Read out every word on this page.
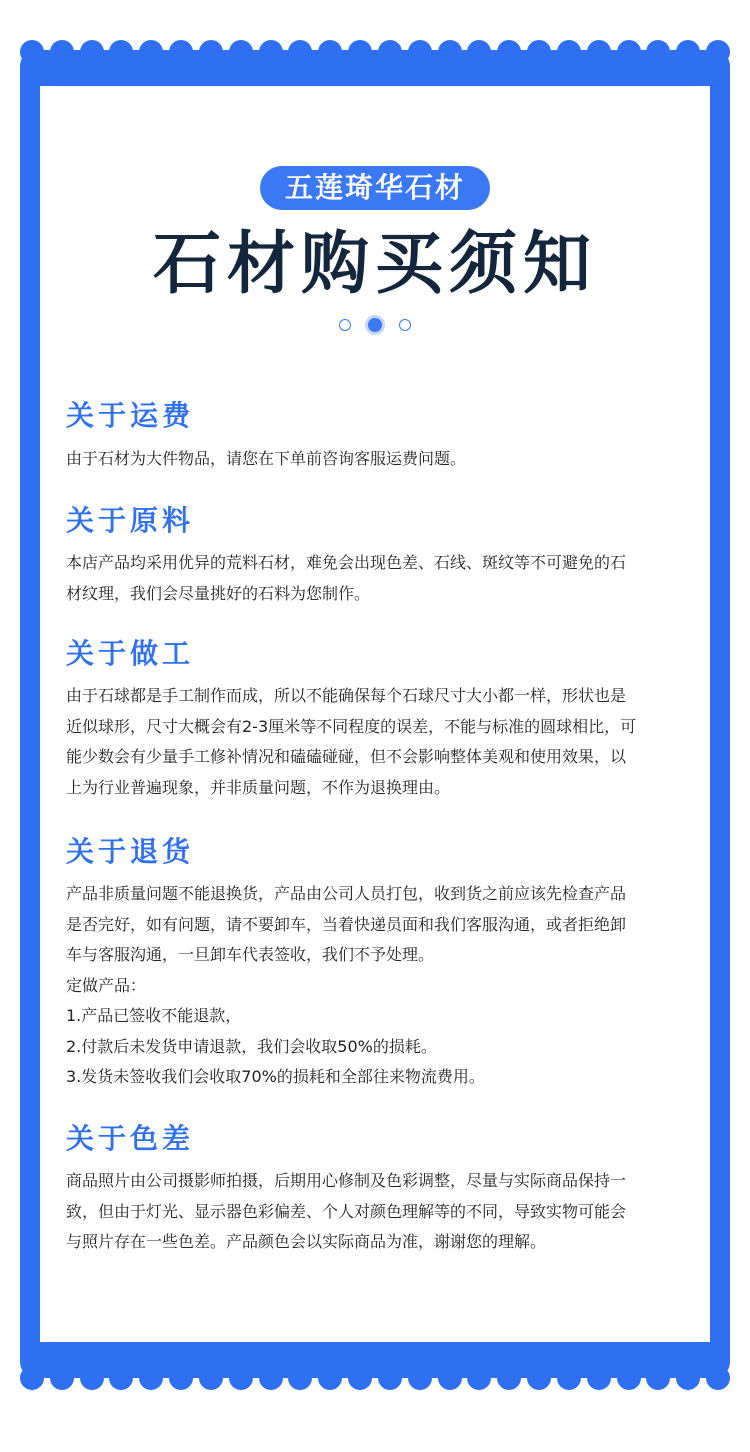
五莲琦华石材
石材购买须知
关于运费

由于石材为大件物品，请您在下单前咨询客服运费问题。

关于原料

本店产品均采用优异的荒料石材，难免会出现色差、石线、斑纹等不可避免的石
材纹理，我们会尽量挑好的石料为您制作。

关于做工

由于石球都是手工制作而成，所以不能确保每个石球尺寸大小都一样，形状也是
近似球形，尺寸大概会有2-3厘米等不同程度的误差，不能与标准的圆球相比，可
能少数会有少量手工修补情况和磕磕碰碰，但不会影响整体美观和使用效果，以
上为行业普遍现象，并非质量问题，不作为退换理由。

关于退货

产品非质量问题不能退换货，产品由公司人员打包，收到货之前应该先检查产品
是否完好，如有问题，请不要卸车，当着快递员面和我们客服沟通，或者拒绝卸
车与客服沟通，一旦卸车代表签收，我们不予处理。
定做产品：
1.产品已签收不能退款，
2.付款后未发货申请退款，我们会收取50%的损耗。
3.发货未签收我们会收取70%的损耗和全部往来物流费用。

关于色差

商品照片由公司摄影师拍摄，后期用心修制及色彩调整，尽量与实际商品保持一
致，但由于灯光、显示器色彩偏差、个人对颜色理解等的不同，导致实物可能会
与照片存在一些色差。产品颜色会以实际商品为准，谢谢您的理解。
